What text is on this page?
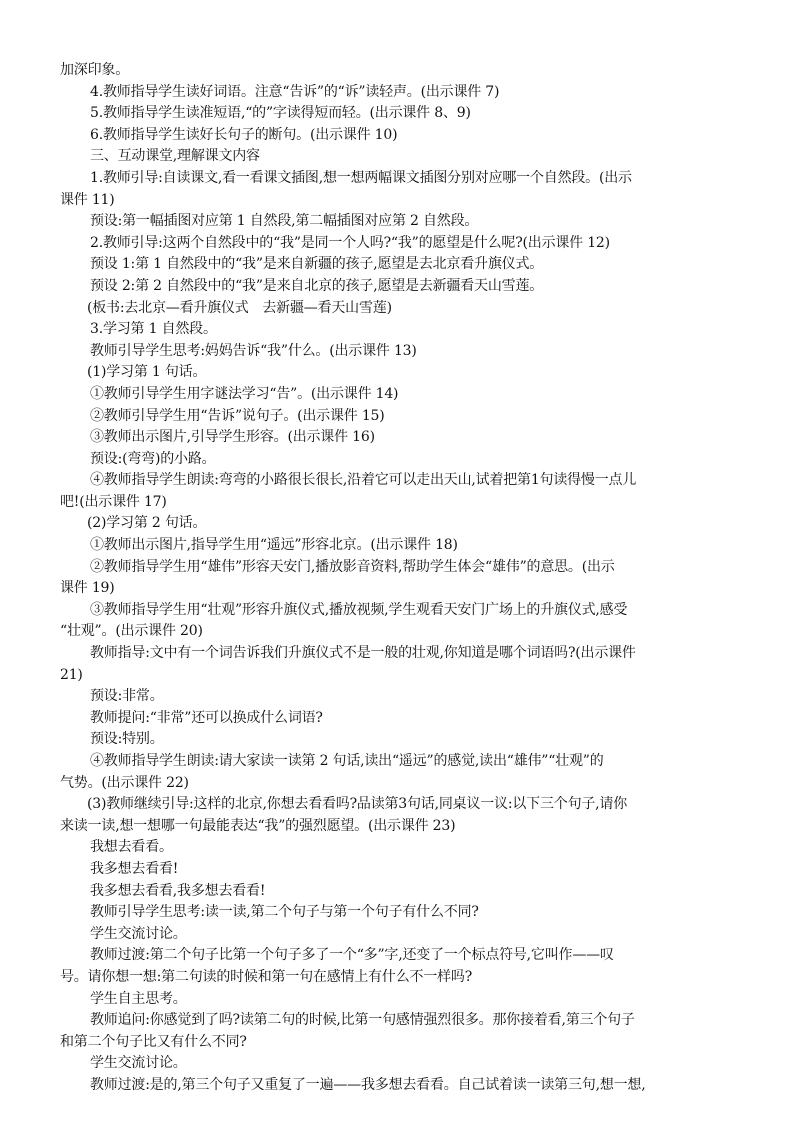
加深印象。
4.教师指导学生读好词语。注意“告诉”的“诉”读轻声。(出示课件 7)
5.教师指导学生读准短语,“的”字读得短而轻。(出示课件 8、9)
6.教师指导学生读好长句子的断句。(出示课件 10)
三、互动课堂,理解课文内容
1.教师引导:自读课文,看一看课文插图,想一想两幅课文插图分别对应哪一个自然段。(出示
课件 11)
预设:第一幅插图对应第 1 自然段,第二幅插图对应第 2 自然段。
2.教师引导:这两个自然段中的“我”是同一个人吗?“我”的愿望是什么呢?(出示课件 12)
预设 1:第 1 自然段中的“我”是来自新疆的孩子,愿望是去北京看升旗仪式。
预设 2:第 2 自然段中的“我”是来自北京的孩子,愿望是去新疆看天山雪莲。
(板书:去北京—看升旗仪式　去新疆—看天山雪莲)
3.学习第 1 自然段。
教师引导学生思考:妈妈告诉“我”什么。(出示课件 13)
(1)学习第 1 句话。
①教师引导学生用字谜法学习“告”。(出示课件 14)
②教师引导学生用“告诉”说句子。(出示课件 15)
③教师出示图片,引导学生形容。(出示课件 16)
预设:(弯弯)的小路。
④教师指导学生朗读:弯弯的小路很长很长,沿着它可以走出天山,试着把第1句读得慢一点儿
吧!(出示课件 17)
(2)学习第 2 句话。
①教师出示图片,指导学生用“遥远”形容北京。(出示课件 18)
②教师指导学生用“雄伟”形容天安门,播放影音资料,帮助学生体会“雄伟”的意思。(出示
课件 19)
③教师指导学生用“壮观”形容升旗仪式,播放视频,学生观看天安门广场上的升旗仪式,感受
“壮观”。(出示课件 20)
教师指导:文中有一个词告诉我们升旗仪式不是一般的壮观,你知道是哪个词语吗?(出示课件
21)
预设:非常。
教师提问:“非常”还可以换成什么词语?
预设:特别。
④教师指导学生朗读:请大家读一读第 2 句话,读出“遥远”的感觉,读出“雄伟”“壮观”的
气势。(出示课件 22)
(3)教师继续引导:这样的北京,你想去看看吗?品读第3句话,同桌议一议:以下三个句子,请你
来读一读,想一想哪一句最能表达“我”的强烈愿望。(出示课件 23)
我想去看看。
我多想去看看!
我多想去看看,我多想去看看!
教师引导学生思考:读一读,第二个句子与第一个句子有什么不同?
学生交流讨论。
教师过渡:第二个句子比第一个句子多了一个“多”字,还变了一个标点符号,它叫作——叹
号。请你想一想:第二句读的时候和第一句在感情上有什么不一样吗?
学生自主思考。
教师追问:你感觉到了吗?读第二句的时候,比第一句感情强烈很多。那你接着看,第三个句子
和第二个句子比又有什么不同?
学生交流讨论。
教师过渡:是的,第三个句子又重复了一遍——我多想去看看。自己试着读一读第三句,想一想,
